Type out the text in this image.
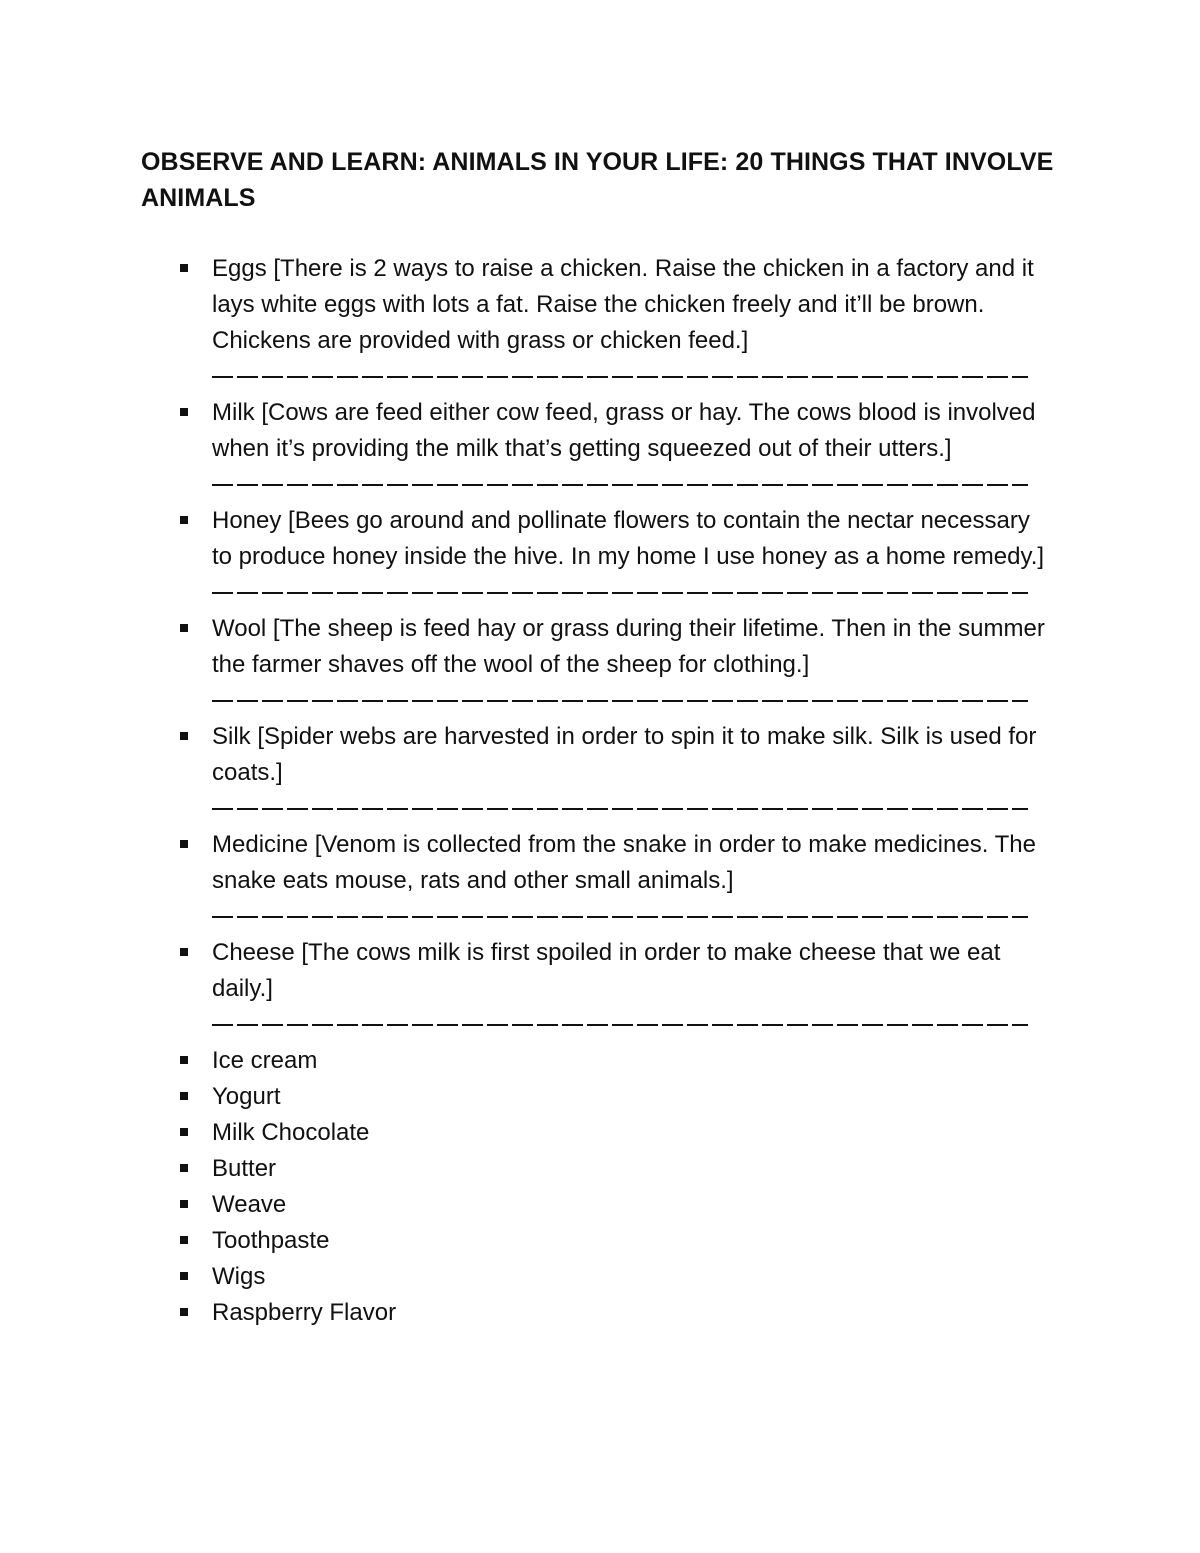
OBSERVE AND LEARN: ANIMALS IN YOUR LIFE: 20 THINGS THAT INVOLVE ANIMALS
Eggs [There is 2 ways to raise a chicken. Raise the chicken in a factory and it lays white eggs with lots a fat. Raise the chicken freely and it’ll be brown. Chickens are provided with grass or chicken feed.]
Milk [Cows are feed either cow feed, grass or hay. The cows blood is involved when it’s providing the milk that’s getting squeezed out of their utters.]
Honey [Bees go around and pollinate flowers to contain the nectar necessary to produce honey inside the hive. In my home I use honey as a home remedy.]
Wool [The sheep is feed hay or grass during their lifetime. Then in the summer the farmer shaves off the wool of the sheep for clothing.]
Silk [Spider webs are harvested in order to spin it to make silk. Silk is used for coats.]
Medicine [Venom is collected from the snake in order to make medicines. The snake eats mouse, rats and other small animals.]
Cheese [The cows milk is first spoiled in order to make cheese that we eat daily.]
Ice cream
Yogurt
Milk Chocolate
Butter
Weave
Toothpaste
Wigs
Raspberry Flavor
